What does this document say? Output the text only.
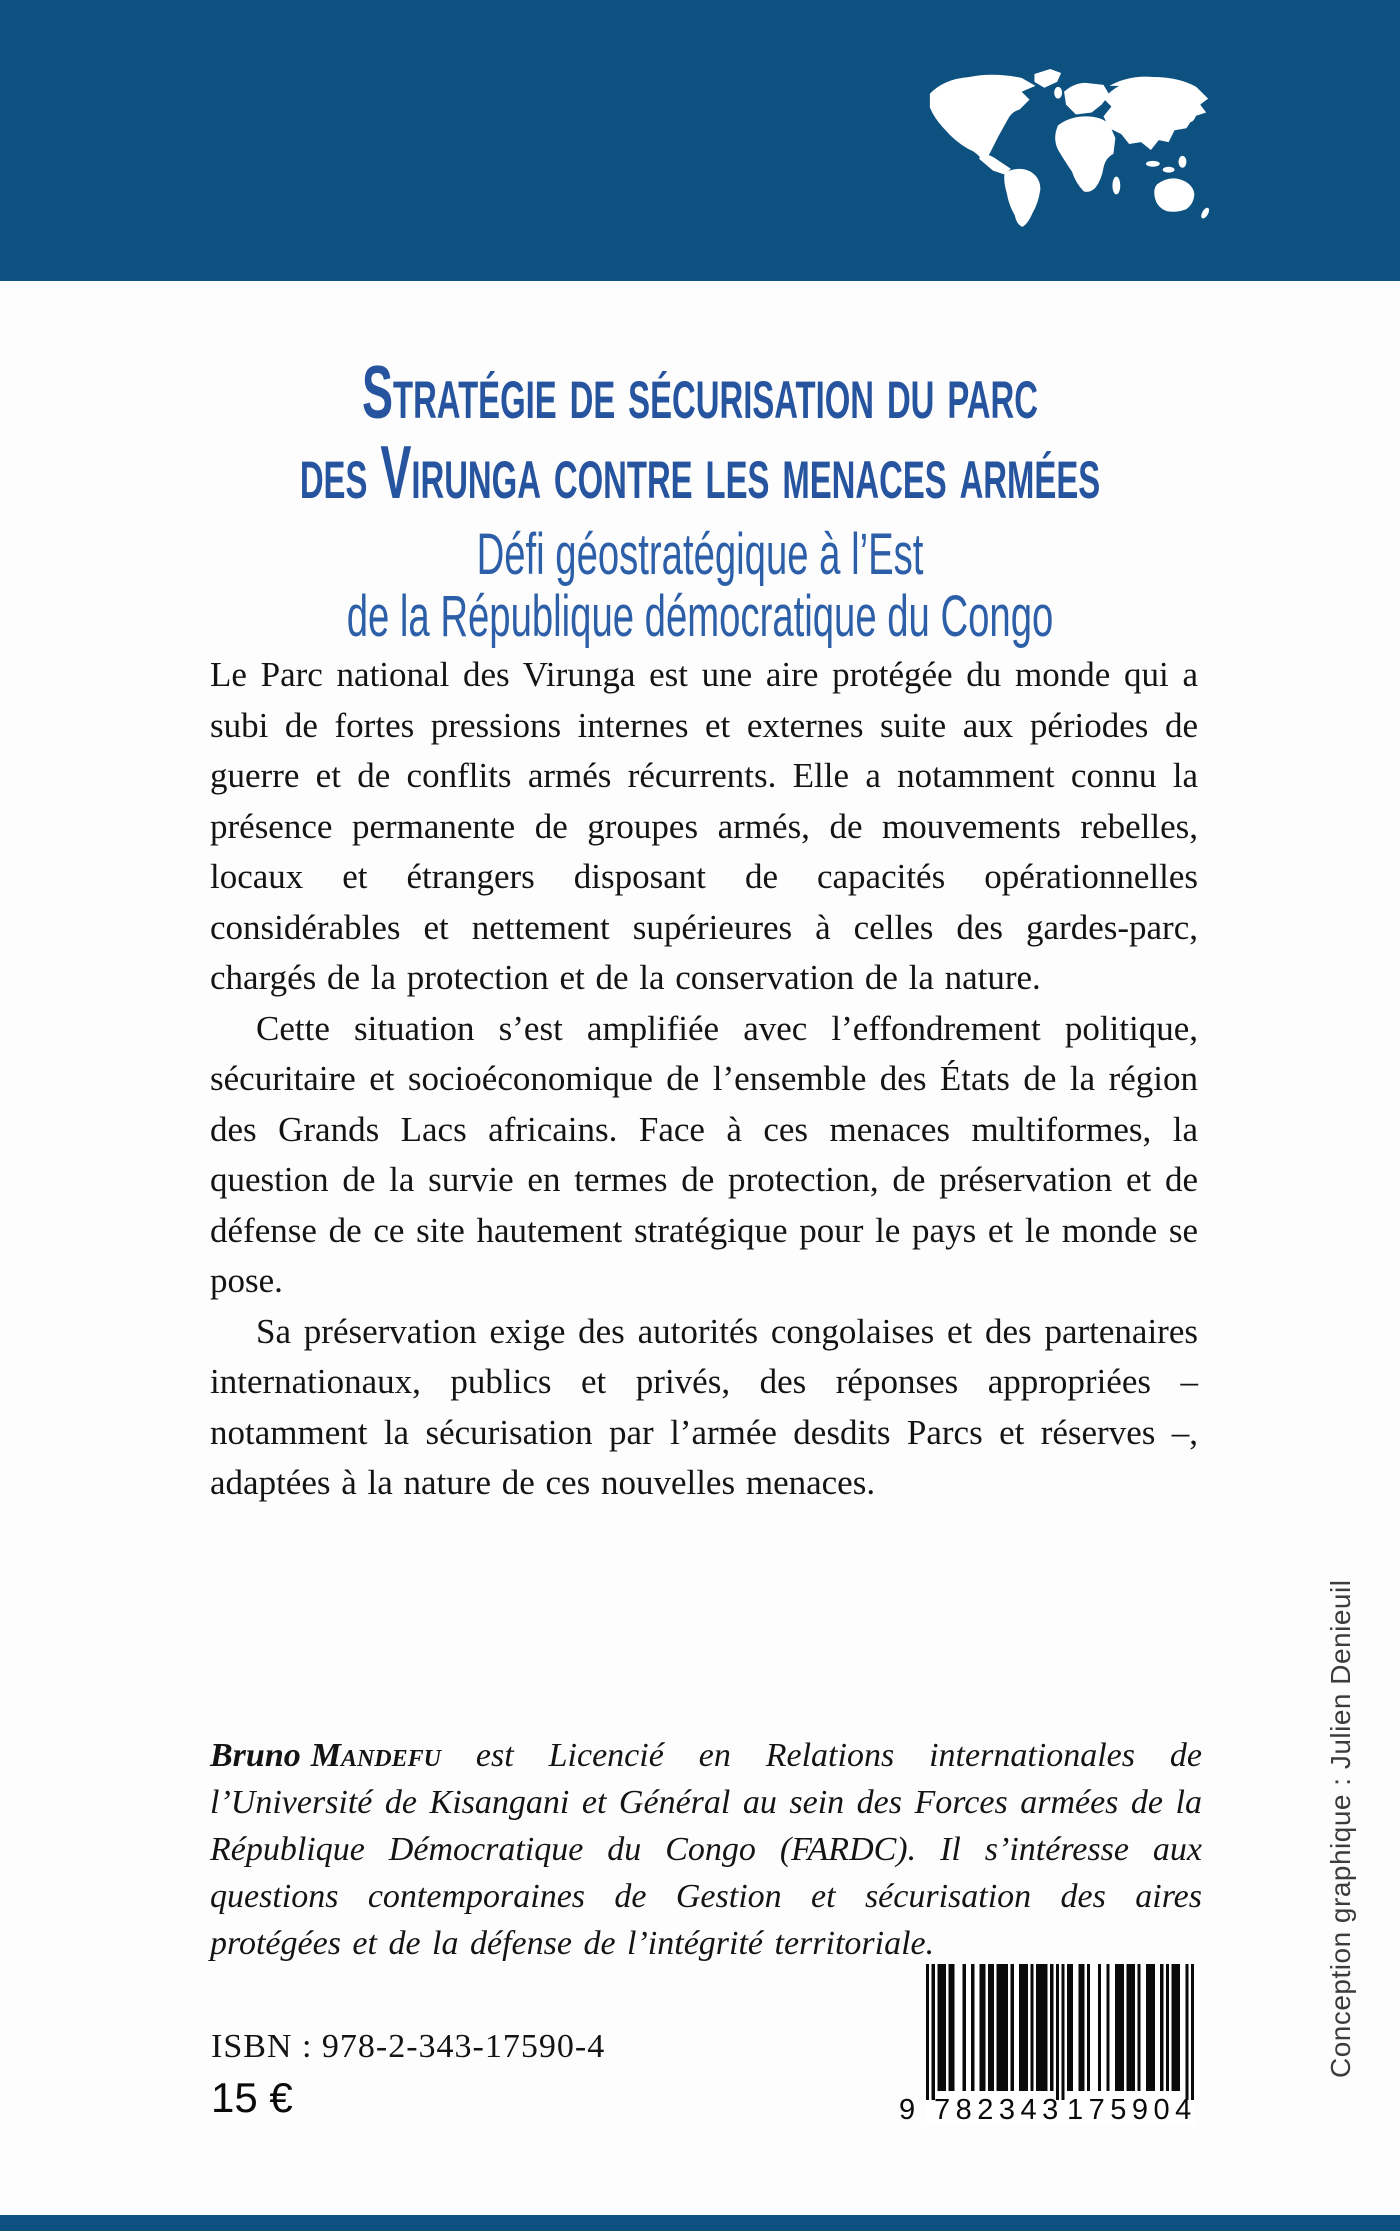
Stratégie de sécurisation du parc
des Virunga contre les menaces armées
Défi géostratégique à l’Est
de la République démocratique du Congo

Le Parc national des Virunga est une aire protégée du monde qui a subi de fortes pressions internes et externes suite aux périodes de guerre et de conflits armés récurrents. Elle a notamment connu la présence permanente de groupes armés, de mouvements rebelles, locaux et étrangers disposant de capacités opérationnelles considérables et nettement supérieures à celles des gardes-parc, chargés de la protection et de la conservation de la nature.

Cette situation s’est amplifiée avec l’effondrement politique, sécuritaire et socioéconomique de l’ensemble des États de la région des Grands Lacs africains. Face à ces menaces multiformes, la question de la survie en termes de protection, de préservation et de défense de ce site hautement stratégique pour le pays et le monde se pose.

Sa préservation exige des autorités congolaises et des partenaires internationaux, publics et privés, des réponses appropriées – notamment la sécurisation par l’armée desdits Parcs et réserves –, adaptées à la nature de ces nouvelles menaces.

Bruno Mandefu est Licencié en Relations internationales de l’Université de Kisangani et Général au sein des Forces armées de la République Démocratique du Congo (FARDC). Il s’intéresse aux questions contemporaines de Gestion et sécurisation des aires protégées et de la défense de l’intégrité territoriale.

ISBN : 978-2-343-17590-4
15 €	9 782343 175904
Conception graphique : Julien Denieuil
